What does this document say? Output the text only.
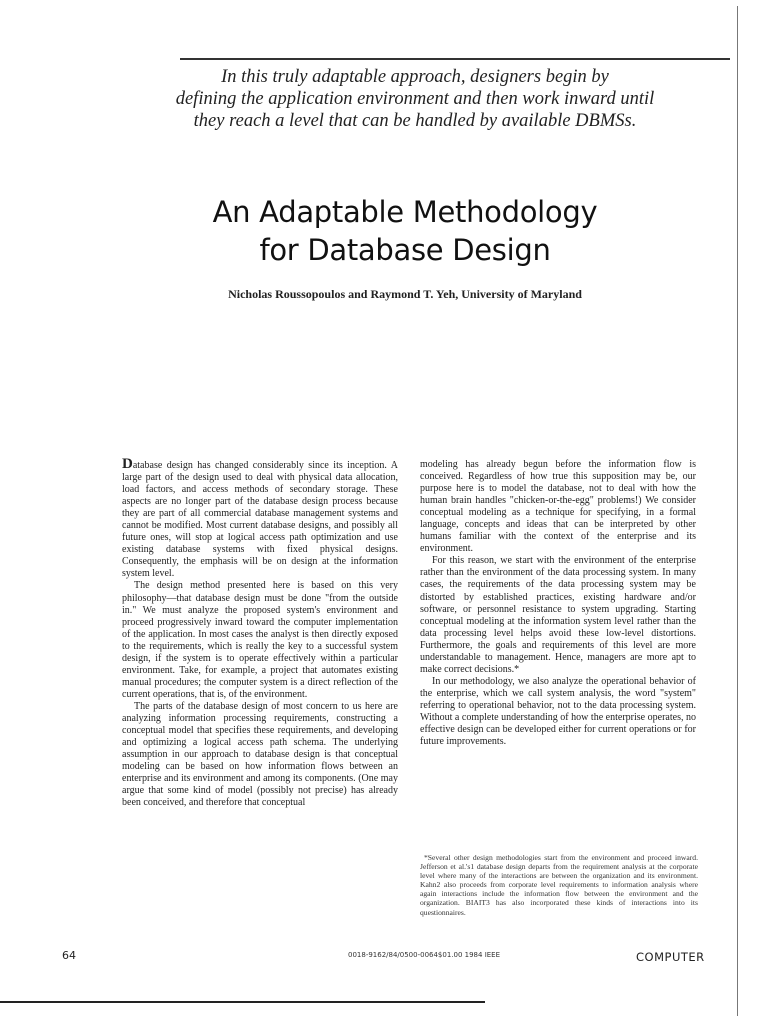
In this truly adaptable approach, designers begin by
defining the application environment and then work inward until
they reach a level that can be handled by available DBMSs.
An Adaptable Methodology
for Database Design
Nicholas Roussopoulos and Raymond T. Yeh, University of Maryland

Database design has changed considerably since its inception. A large part of the design used to deal with physical data allocation, load factors, and access methods of secondary storage. These aspects are no longer part of the database design process because they are part of all commercial database management systems and cannot be modified. Most current database designs, and possibly all future ones, will stop at logical access path optimization and use existing database systems with fixed physical designs. Consequently, the emphasis will be on design at the information system level.

The design method presented here is based on this very philosophy—that database design must be done "from the outside in." We must analyze the proposed system's environment and proceed progressively inward toward the computer implementation of the application. In most cases the analyst is then directly exposed to the requirements, which is really the key to a successful system design, if the system is to operate effectively within a particular environment. Take, for example, a project that automates existing manual procedures; the computer system is a direct reflection of the current operations, that is, of the environment.

The parts of the database design of most concern to us here are analyzing information processing requirements, constructing a conceptual model that specifies these requirements, and developing and optimizing a logical access path schema. The underlying assumption in our approach to database design is that conceptual modeling can be based on how information flows between an enterprise and its environment and among its components. (One may argue that some kind of model (possibly not precise) has already been conceived, and therefore that conceptual

modeling has already begun before the information flow is conceived. Regardless of how true this supposition may be, our purpose here is to model the database, not to deal with how the human brain handles "chicken-or-the-egg" problems!) We consider conceptual modeling as a technique for specifying, in a formal language, concepts and ideas that can be interpreted by other humans familiar with the context of the enterprise and its environment.

For this reason, we start with the environment of the enterprise rather than the environment of the data processing system. In many cases, the requirements of the data processing system may be distorted by established practices, existing hardware and/or software, or personnel resistance to system upgrading. Starting conceptual modeling at the information system level rather than the data processing level helps avoid these low-level distortions. Furthermore, the goals and requirements of this level are more understandable to management. Hence, managers are more apt to make correct decisions.*

In our methodology, we also analyze the operational behavior of the enterprise, which we call system analysis, the word "system" referring to operational behavior, not to the data processing system. Without a complete understanding of how the enterprise operates, no effective design can be developed either for current operations or for future improvements.

*Several other design methodologies start from the environment and proceed inward. Jefferson et al.'s1 database design departs from the requirement analysis at the corporate level where many of the interactions are between the organization and its environment. Kahn2 also proceeds from corporate level requirements to information analysis where again interactions include the information flow between the environment and the organization. BIAIT3 has also incorporated these kinds of interactions into its questionnaires.

64	0018-9162/84/0500-0064$01.00 1984 IEEE	COMPUTER
